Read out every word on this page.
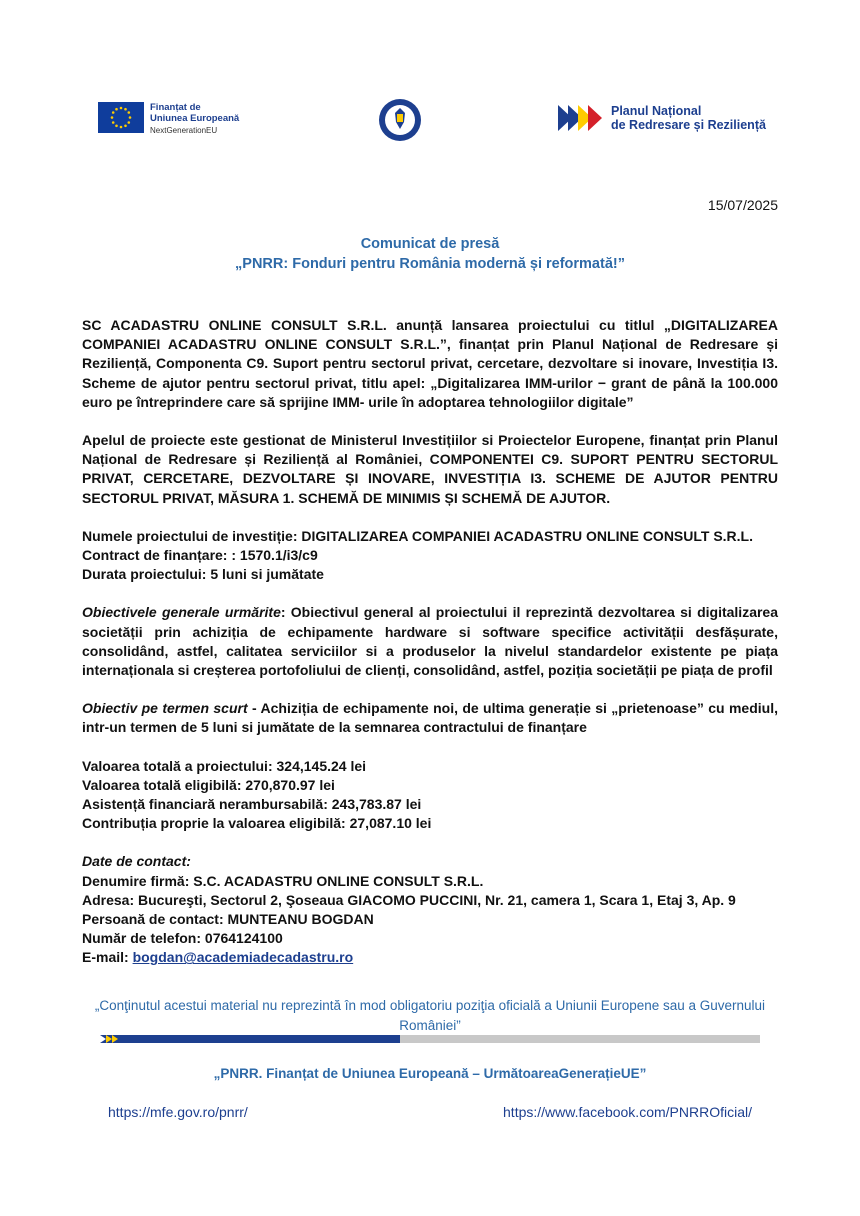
Finanțat de
Uniunea Europeană
NextGenerationEU
Planul Național
de Redresare și Reziliență
15/07/2025
Comunicat de presă
„PNRR: Fonduri pentru România modernă și reformată!”

SC ACADASTRU ONLINE CONSULT S.R.L. anunță lansarea proiectului cu titlul „DIGITALIZAREA COMPANIEI ACADASTRU ONLINE CONSULT S.R.L.”, finanțat prin Planul Național de Redresare și Reziliență, Componenta C9. Suport pentru sectorul privat, cercetare, dezvoltare si inovare, Investiția I3. Scheme de ajutor pentru sectorul privat, titlu apel: „Digitalizarea IMM-urilor − grant de până la 100.000 euro pe întreprindere care să sprijine IMM- urile în adoptarea tehnologiilor digitale”

Apelul de proiecte este gestionat de Ministerul Investițiilor si Proiectelor Europene, finanțat prin Planul Național de Redresare și Reziliență al României, COMPONENTEI C9. SUPORT PENTRU SECTORUL PRIVAT, CERCETARE, DEZVOLTARE ȘI INOVARE, INVESTIȚIA I3. SCHEME DE AJUTOR PENTRU SECTORUL PRIVAT, MĂSURA 1. SCHEMĂ DE MINIMIS ȘI SCHEMĂ DE AJUTOR.

Numele proiectului de investiție: DIGITALIZAREA COMPANIEI ACADASTRU ONLINE CONSULT S.R.L.

Contract de finanțare: : 1570.1/i3/c9

Durata proiectului: 5 luni si jumătate

Obiectivele generale urmărite: Obiectivul general al proiectului il reprezintă dezvoltarea si digitalizarea societății prin achiziția de echipamente hardware si software specifice activității desfășurate, consolidând, astfel, calitatea serviciilor si a produselor la nivelul standardelor existente pe piața internaționala si creșterea portofoliului de clienți, consolidând, astfel, poziția societății pe piața de profil

Obiectiv pe termen scurt - Achiziția de echipamente noi, de ultima generație si „prietenoase” cu mediul, intr-un termen de 5 luni si jumătate de la semnarea contractului de finanțare

Valoarea totală a proiectului: 324,145.24 lei

Valoarea totală eligibilă: 270,870.97 lei

Asistență financiară nerambursabilă: 243,783.87 lei

Contribuția proprie la valoarea eligibilă: 27,087.10 lei

Date de contact:

Denumire firmă: S.C. ACADASTRU ONLINE CONSULT S.R.L.

Adresa: Bucureşti, Sectorul 2, Şoseaua GIACOMO PUCCINI, Nr. 21, camera 1, Scara 1, Etaj 3, Ap. 9

Persoană de contact: MUNTEANU BOGDAN

Număr de telefon: 0764124100

E-mail: bogdan@academiadecadastru.ro

„Conţinutul acestui material nu reprezintă în mod obligatoriu poziţia oficială a Uniunii Europene sau a Guvernului României”
„PNRR. Finanțat de Uniunea Europeană – UrmătoareaGenerațieUE”
https://mfe.gov.ro/pnrr/	https://www.facebook.com/PNRROficial/
